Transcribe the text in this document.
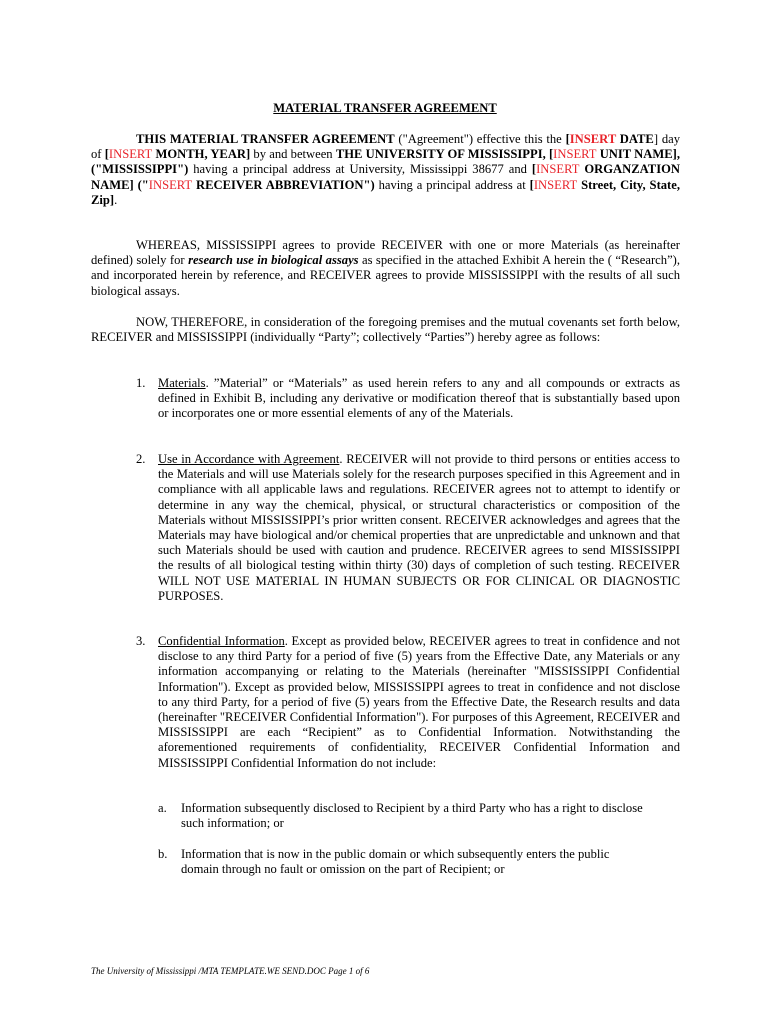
MATERIAL TRANSFER AGREEMENT
THIS MATERIAL TRANSFER AGREEMENT ("Agreement") effective this the [INSERT DATE] day of [INSERT MONTH, YEAR] by and between THE UNIVERSITY OF MISSISSIPPI, [INSERT UNIT NAME], ("MISSISSIPPI") having a principal address at University, Mississippi 38677 and [INSERT ORGANZATION NAME] ("INSERT RECEIVER ABBREVIATION") having a principal address at [INSERT Street, City, State, Zip].
WHEREAS, MISSISSIPPI agrees to provide RECEIVER with one or more Materials (as hereinafter defined) solely for research use in biological assays as specified in the attached Exhibit A herein the ( “Research”), and incorporated herein by reference, and RECEIVER agrees to provide MISSISSIPPI with the results of all such biological assays.
NOW, THEREFORE, in consideration of the foregoing premises and the mutual covenants set forth below, RECEIVER and MISSISSIPPI (individually “Party”; collectively “Parties”) hereby agree as follows:
1. Materials. ”Material” or “Materials” as used herein refers to any and all compounds or extracts as defined in Exhibit B, including any derivative or modification thereof that is substantially based upon or incorporates one or more essential elements of any of the Materials.
2. Use in Accordance with Agreement. RECEIVER will not provide to third persons or entities access to the Materials and will use Materials solely for the research purposes specified in this Agreement and in compliance with all applicable laws and regulations. RECEIVER agrees not to attempt to identify or determine in any way the chemical, physical, or structural characteristics or composition of the Materials without MISSISSIPPI’s prior written consent. RECEIVER acknowledges and agrees that the Materials may have biological and/or chemical properties that are unpredictable and unknown and that such Materials should be used with caution and prudence. RECEIVER agrees to send MISSISSIPPI the results of all biological testing within thirty (30) days of completion of such testing. RECEIVER WILL NOT USE MATERIAL IN HUMAN SUBJECTS OR FOR CLINICAL OR DIAGNOSTIC PURPOSES.
3. Confidential Information. Except as provided below, RECEIVER agrees to treat in confidence and not disclose to any third Party for a period of five (5) years from the Effective Date, any Materials or any information accompanying or relating to the Materials (hereinafter "MISSISSIPPI Confidential Information"). Except as provided below, MISSISSIPPI agrees to treat in confidence and not disclose to any third Party, for a period of five (5) years from the Effective Date, the Research results and data (hereinafter "RECEIVER Confidential Information"). For purposes of this Agreement, RECEIVER and MISSISSIPPI are each “Recipient” as to Confidential Information. Notwithstanding the aforementioned requirements of confidentiality, RECEIVER Confidential Information and MISSISSIPPI Confidential Information do not include:
a. Information subsequently disclosed to Recipient by a third Party who has a right to disclose such information; or
b. Information that is now in the public domain or which subsequently enters the public domain through no fault or omission on the part of Recipient; or
The University of Mississippi /MTA TEMPLATE.WE SEND.DOC Page 1 of 6
